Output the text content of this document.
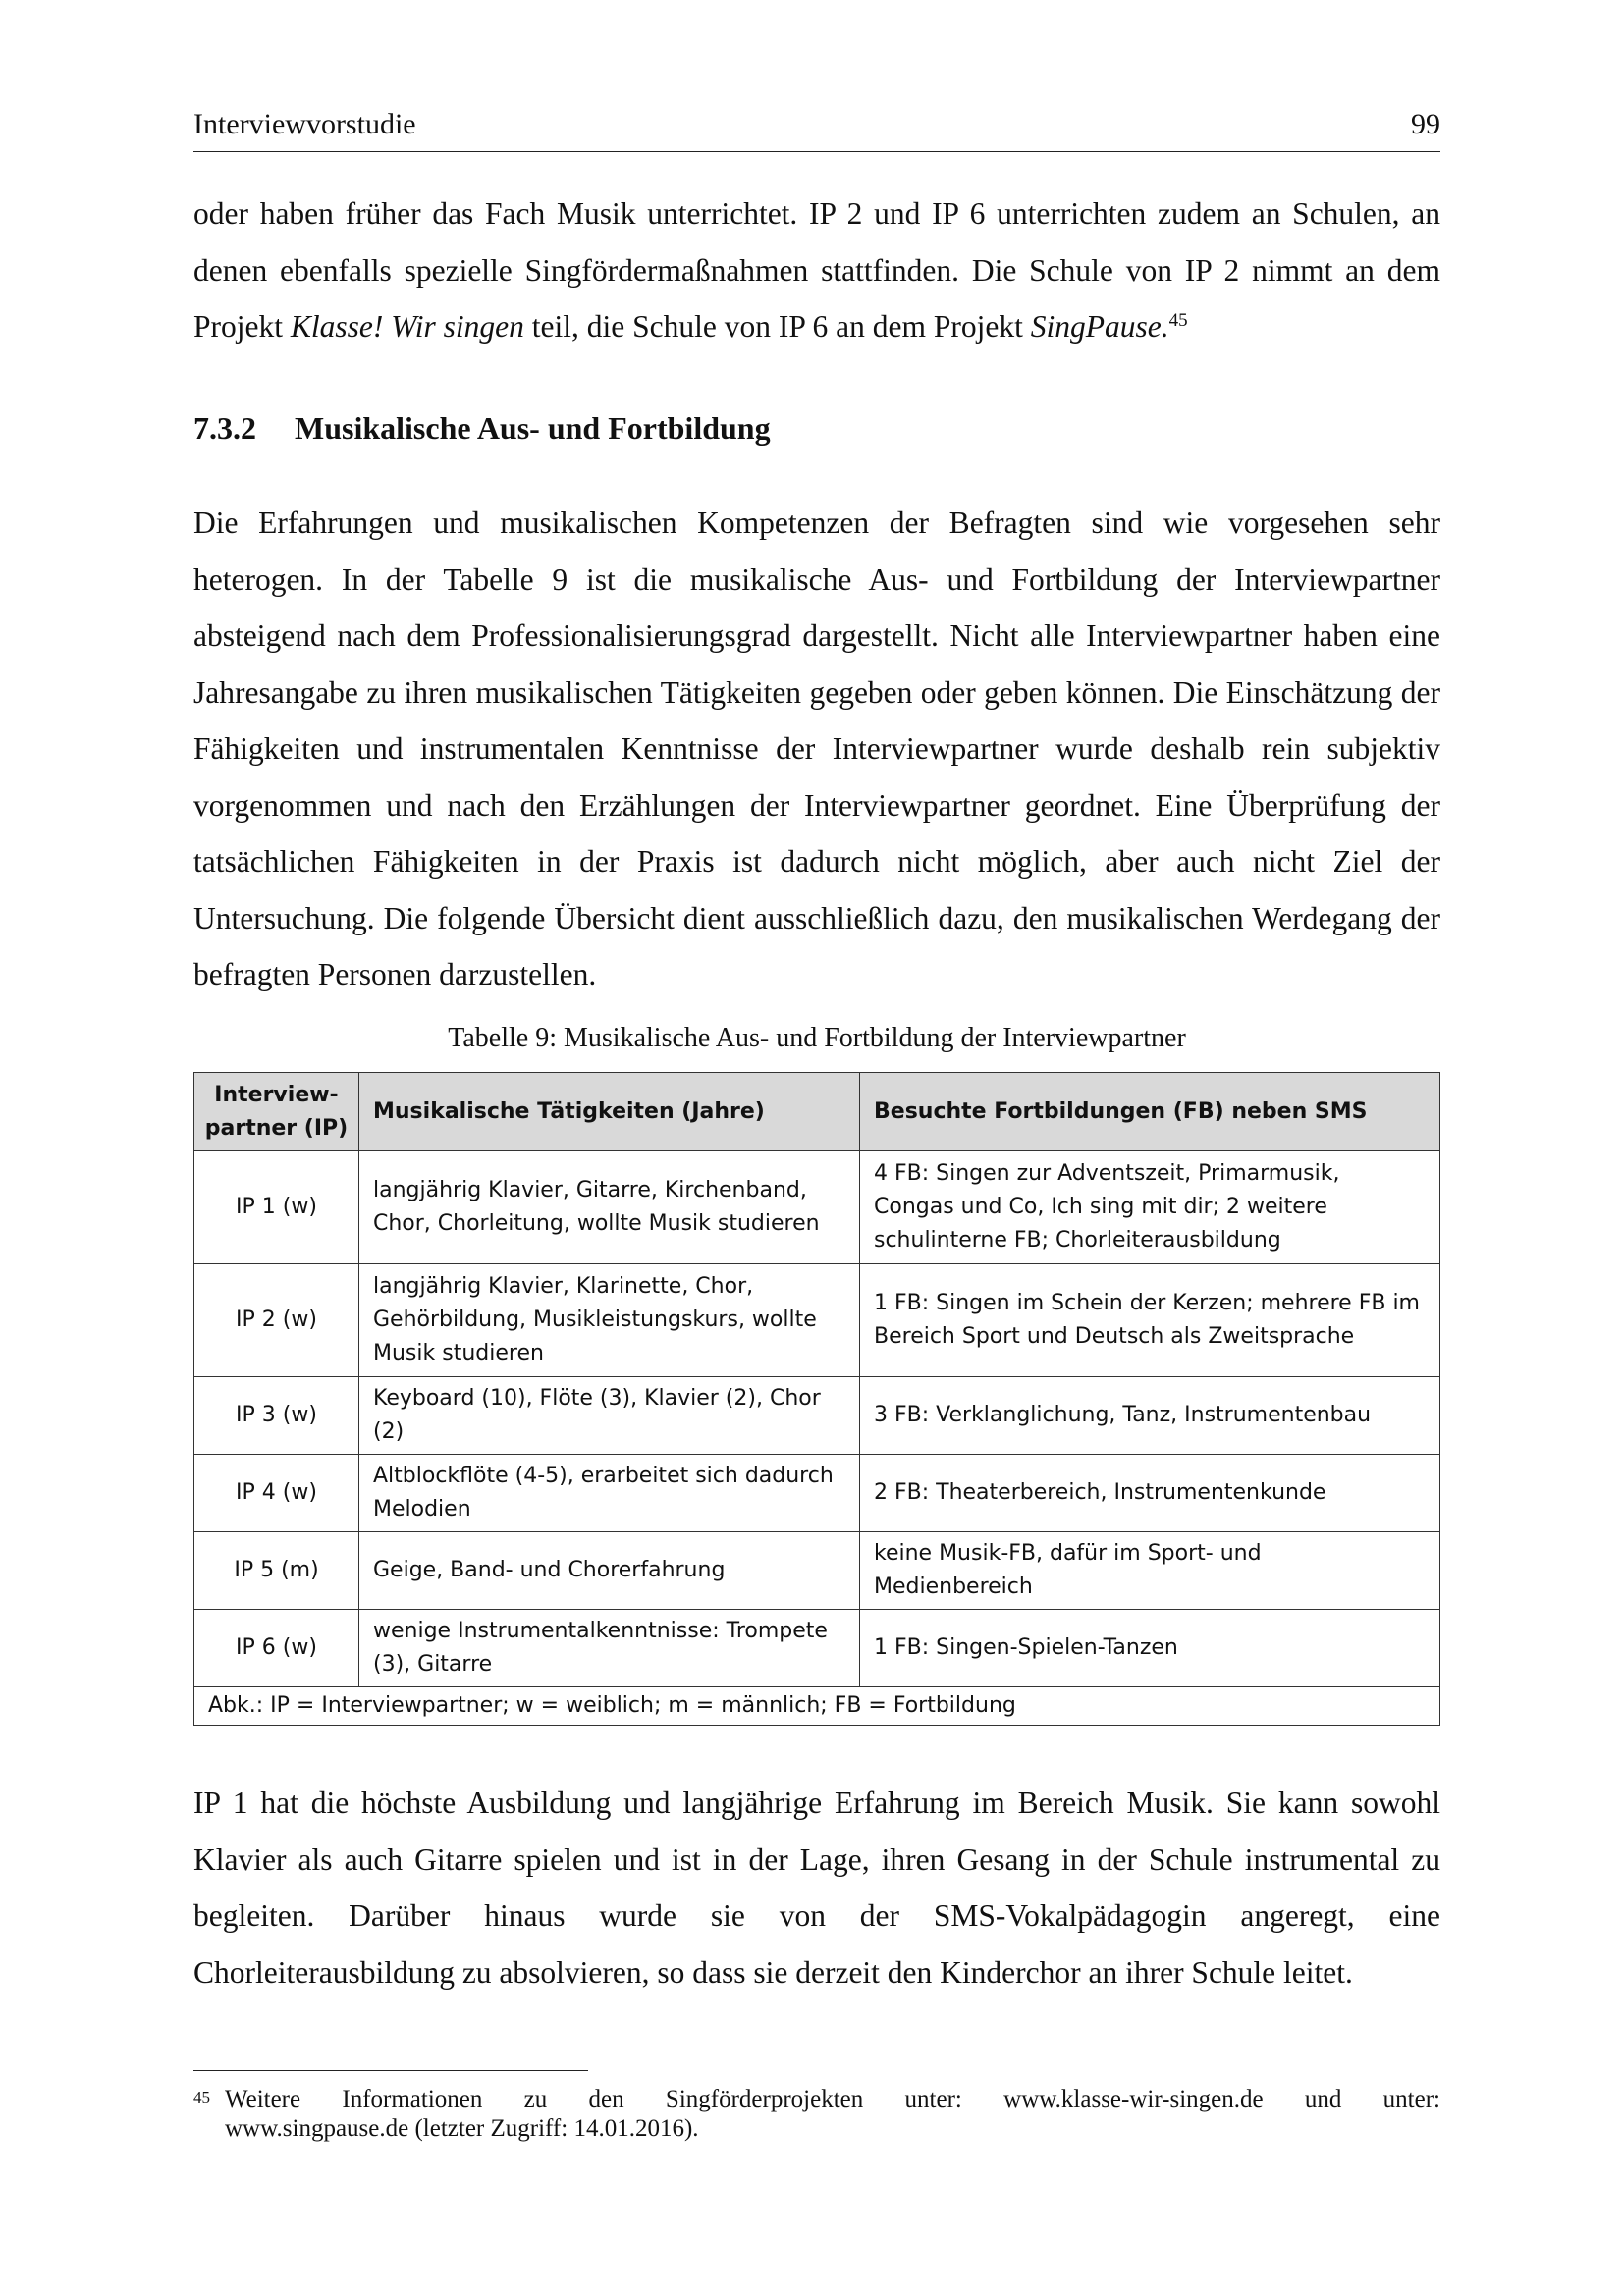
Interviewvorstudie	99

oder haben früher das Fach Musik unterrichtet. IP 2 und IP 6 unterrichten zudem an Schulen, an denen ebenfalls spezielle Singfördermaßnahmen stattfinden. Die Schule von IP 2 nimmt an dem Projekt Klasse! Wir singen teil, die Schule von IP 6 an dem Projekt SingPause.$^{45}$

7.3.2 Musikalische Aus- und Fortbildung

Die Erfahrungen und musikalischen Kompetenzen der Befragten sind wie vorgesehen sehr heterogen. In der Tabelle 9 ist die musikalische Aus- und Fortbildung der Interviewpartner absteigend nach dem Professionalisierungsgrad dargestellt. Nicht alle Interviewpartner haben eine Jahresangabe zu ihren musikalischen Tätigkeiten gegeben oder geben können. Die Einschätzung der Fähigkeiten und instrumentalen Kenntnisse der Interviewpartner wurde deshalb rein subjektiv vorgenommen und nach den Erzählungen der Interviewpartner geordnet. Eine Überprüfung der tatsächlichen Fähigkeiten in der Praxis ist dadurch nicht möglich, aber auch nicht Ziel der Untersuchung. Die folgende Übersicht dient ausschließlich dazu, den musikalischen Werdegang der befragten Personen darzustellen.

Tabelle 9: Musikalische Aus- und Fortbildung der Interviewpartner
Interview-
partner (IP)	Musikalische Tätigkeiten (Jahre)	Besuchte Fortbildungen (FB) neben SMS
IP 1 (w)	langjährig Klavier, Gitarre, Kirchenband, Chor, Chorleitung, wollte Musik studieren	4 FB: Singen zur Adventszeit, Primarmusik, Congas und Co, Ich sing mit dir; 2 weitere schulinterne FB; Chorleiterausbildung
IP 2 (w)	langjährig Klavier, Klarinette, Chor, Gehörbildung, Musikleistungskurs, wollte Musik studieren	1 FB: Singen im Schein der Kerzen; mehrere FB im Bereich Sport und Deutsch als Zweitsprache
IP 3 (w)	Keyboard (10), Flöte (3), Klavier (2), Chor (2)	3 FB: Verklanglichung, Tanz, Instrumentenbau
IP 4 (w)	Altblockflöte (4-5), erarbeitet sich dadurch Melodien	2 FB: Theaterbereich, Instrumentenkunde
IP 5 (m)	Geige, Band- und Chorerfahrung	keine Musik-FB, dafür im Sport- und Medienbereich
IP 6 (w)	wenige Instrumentalkenntnisse: Trompete (3), Gitarre	1 FB: Singen-Spielen-Tanzen
Abk.: IP = Interviewpartner; w = weiblich; m = männlich; FB = Fortbildung		

IP 1 hat die höchste Ausbildung und langjährige Erfahrung im Bereich Musik. Sie kann sowohl Klavier als auch Gitarre spielen und ist in der Lage, ihren Gesang in der Schule instrumental zu begleiten. Darüber hinaus wurde sie von der SMS-Vokalpädagogin angeregt, eine Chorleiterausbildung zu absolvieren, so dass sie derzeit den Kinderchor an ihrer Schule leitet.

45 Weitere Informationen zu den Singförderprojekten unter: www.klasse-wir-singen.de und unter:
www.singpause.de (letzter Zugriff: 14.01.2016).
